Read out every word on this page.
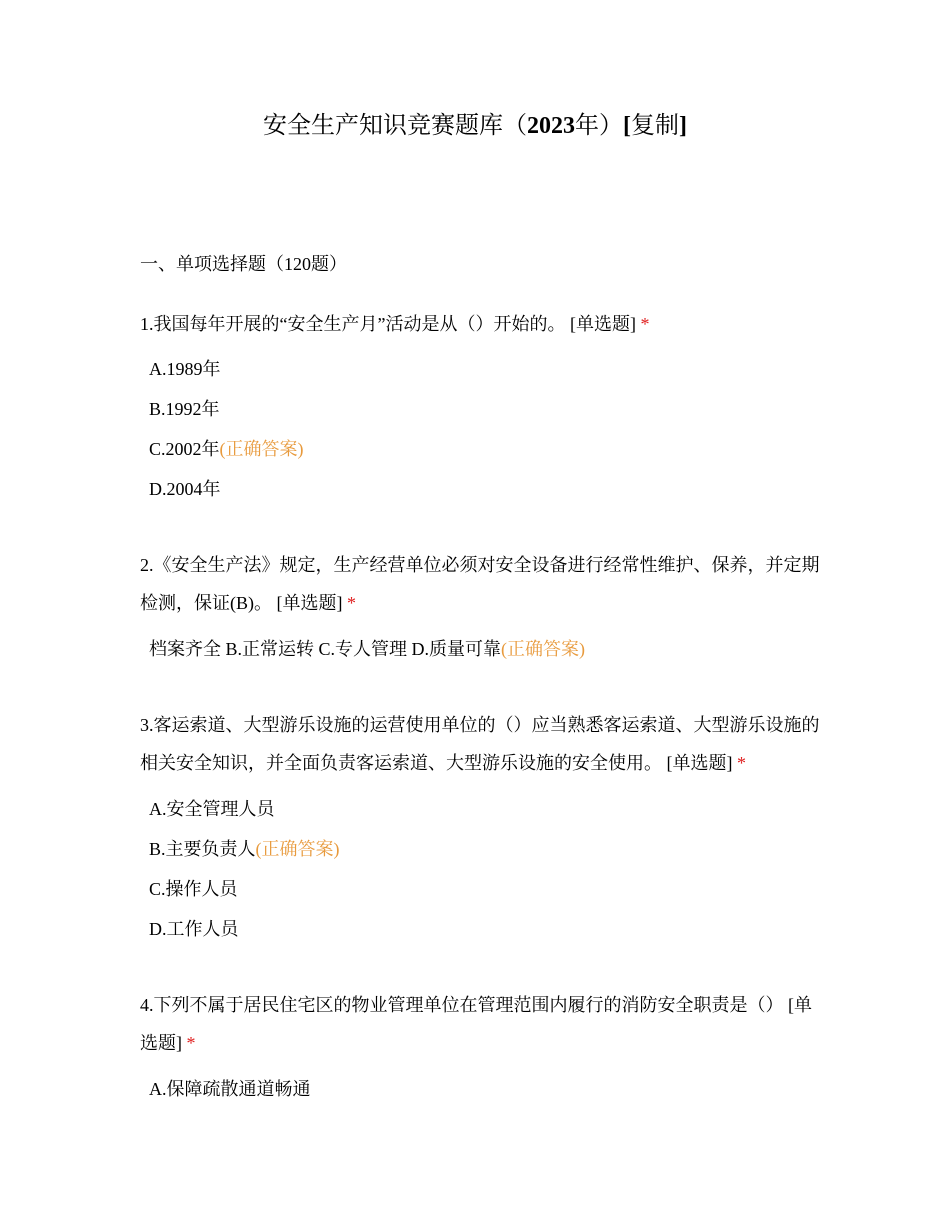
安全生产知识竞赛题库（2023年）[复制]

一、单项选择题（120题）

1.我国每年开展的“安全生产月”活动是从（）开始的。 [单选题] *

A.1989年
B.1992年
C.2002年(正确答案)
D.2004年

2.《安全生产法》规定，生产经营单位必须对安全设备进行经常性维护、保养，并定期检测，保证(B)。 [单选题] *

档案齐全 B.正常运转 C.专人管理 D.质量可靠(正确答案)

3.客运索道、大型游乐设施的运营使用单位的（）应当熟悉客运索道、大型游乐设施的相关安全知识，并全面负责客运索道、大型游乐设施的安全使用。 [单选题] *

A.安全管理人员
B.主要负责人(正确答案)
C.操作人员
D.工作人员

4.下列不属于居民住宅区的物业管理单位在管理范围内履行的消防安全职责是（） [单选题] *

A.保障疏散通道畅通
